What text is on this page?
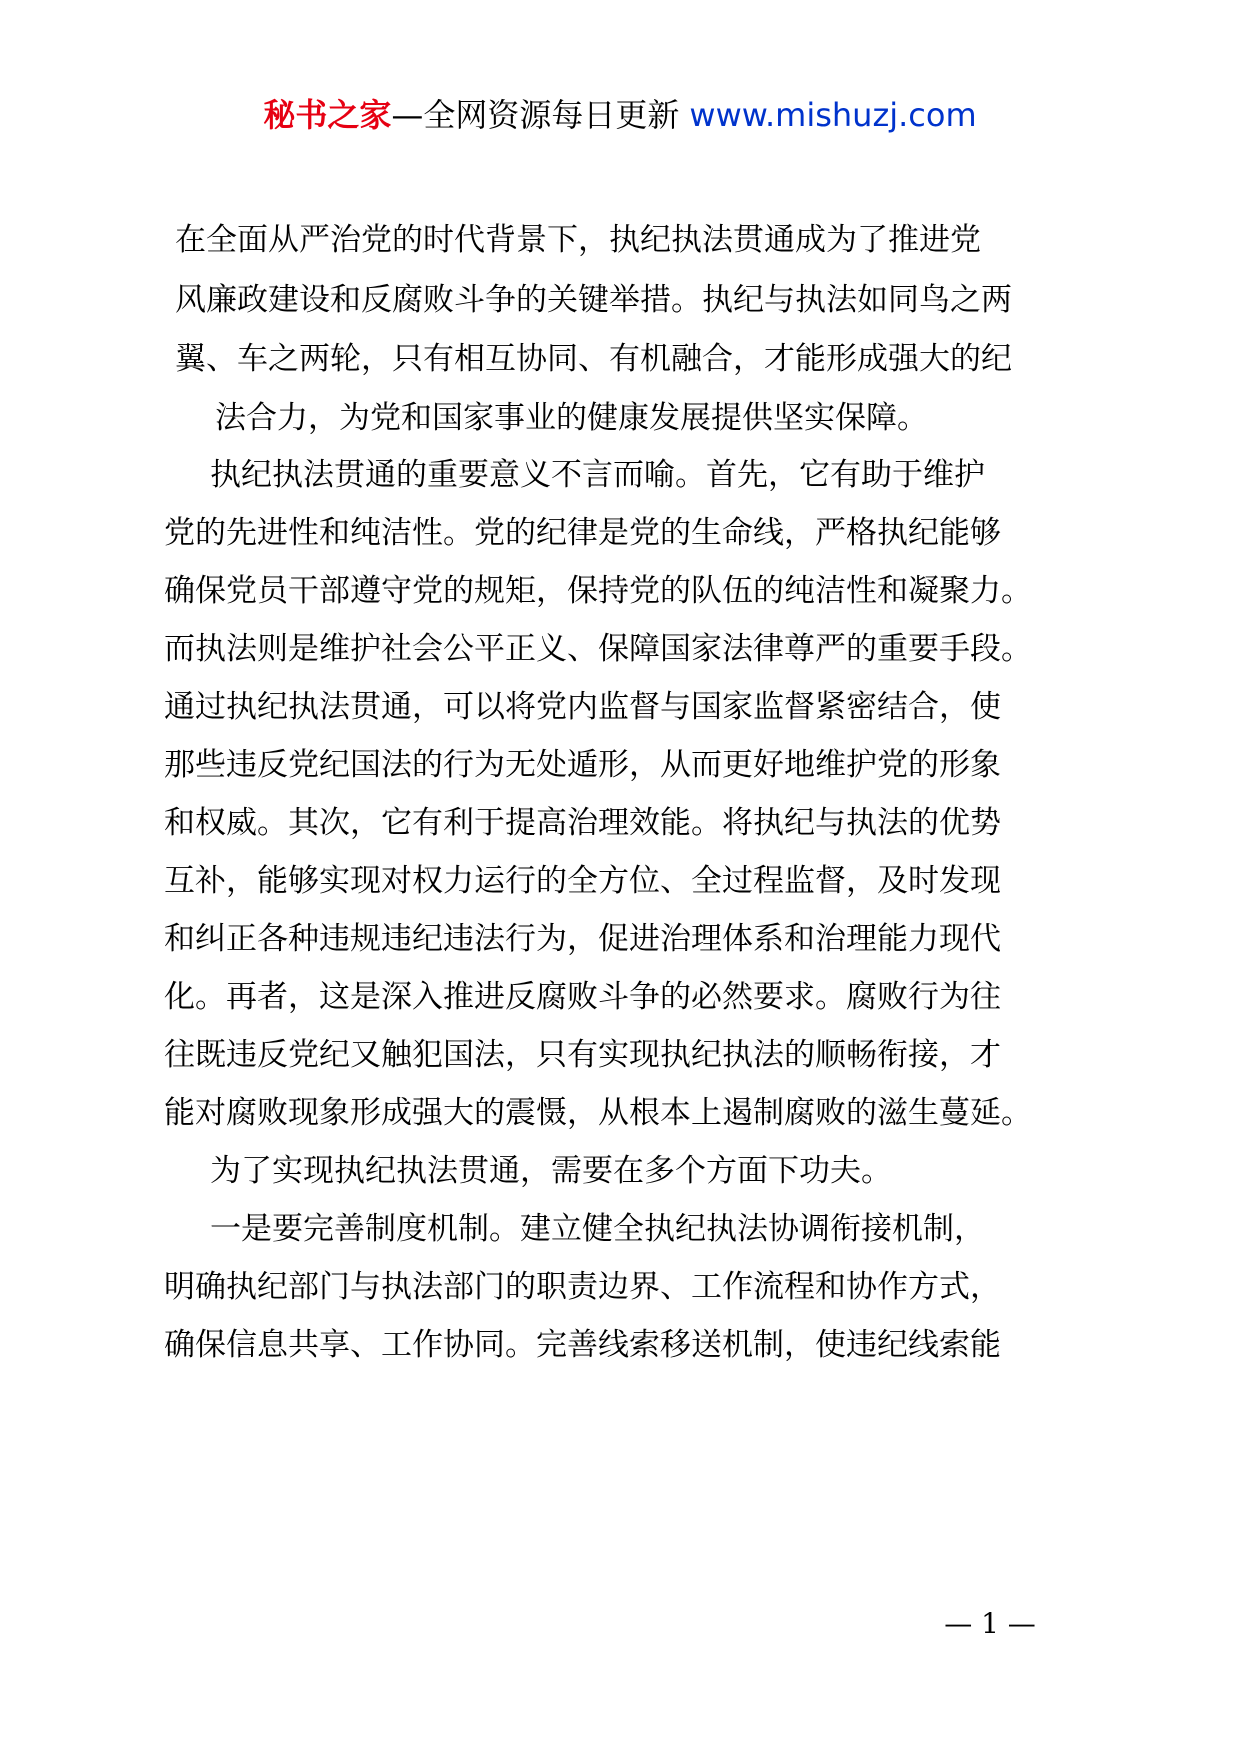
秘书之家—全网资源每日更新 www.mishuzj.com
在全面从严治党的时代背景下，执纪执法贯通成为了推进党
风廉政建设和反腐败斗争的关键举措。执纪与执法如同鸟之两
翼、车之两轮，只有相互协同、有机融合，才能形成强大的纪
法合力，为党和国家事业的健康发展提供坚实保障。
执纪执法贯通的重要意义不言而喻。首先，它有助于维护
党的先进性和纯洁性。党的纪律是党的生命线，严格执纪能够
确保党员干部遵守党的规矩，保持党的队伍的纯洁性和凝聚力。
而执法则是维护社会公平正义、保障国家法律尊严的重要手段。
通过执纪执法贯通，可以将党内监督与国家监督紧密结合，使
那些违反党纪国法的行为无处遁形，从而更好地维护党的形象
和权威。其次，它有利于提高治理效能。将执纪与执法的优势
互补，能够实现对权力运行的全方位、全过程监督，及时发现
和纠正各种违规违纪违法行为，促进治理体系和治理能力现代
化。再者，这是深入推进反腐败斗争的必然要求。腐败行为往
往既违反党纪又触犯国法，只有实现执纪执法的顺畅衔接，才
能对腐败现象形成强大的震慑，从根本上遏制腐败的滋生蔓延。
为了实现执纪执法贯通，需要在多个方面下功夫。
一是要完善制度机制。建立健全执纪执法协调衔接机制，
明确执纪部门与执法部门的职责边界、工作流程和协作方式，
确保信息共享、工作协同。完善线索移送机制，使违纪线索能
— 1 —
